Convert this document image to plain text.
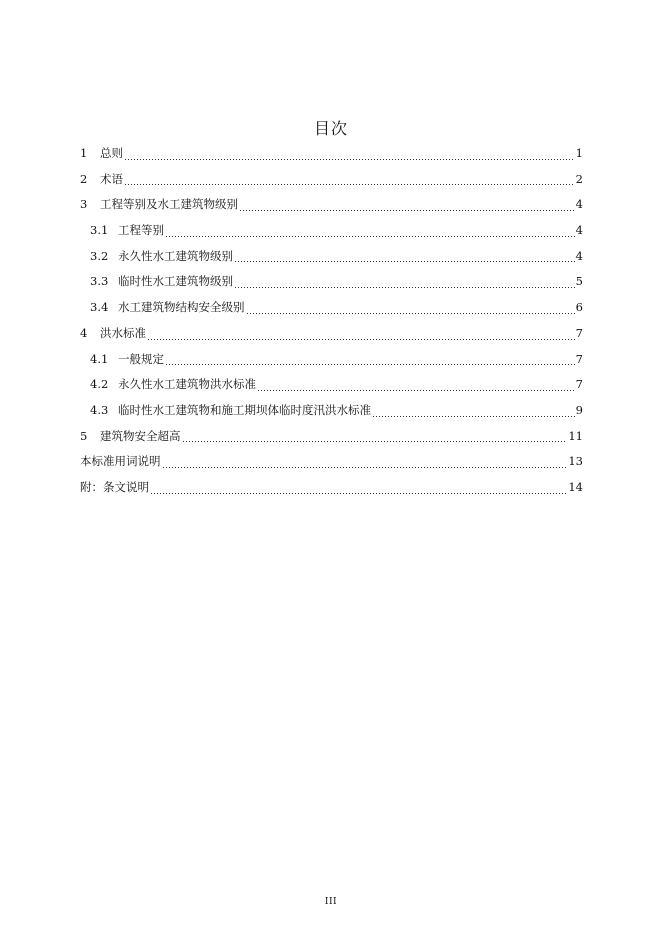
目次
1	总则	1
2	术语	2
3	工程等别及水工建筑物级别	4
3.1 工程等别	4
3.2 永久性水工建筑物级别	4
3.3 临时性水工建筑物级别	5
3.4 水工建筑物结构安全级别	6
4	洪水标准	7
4.1 一般规定	7
4.2 永久性水工建筑物洪水标准	7
4.3 临时性水工建筑物和施工期坝体临时度汛洪水标准	9
5	建筑物安全超高	11
本标准用词说明	13
附：条文说明	14
III
